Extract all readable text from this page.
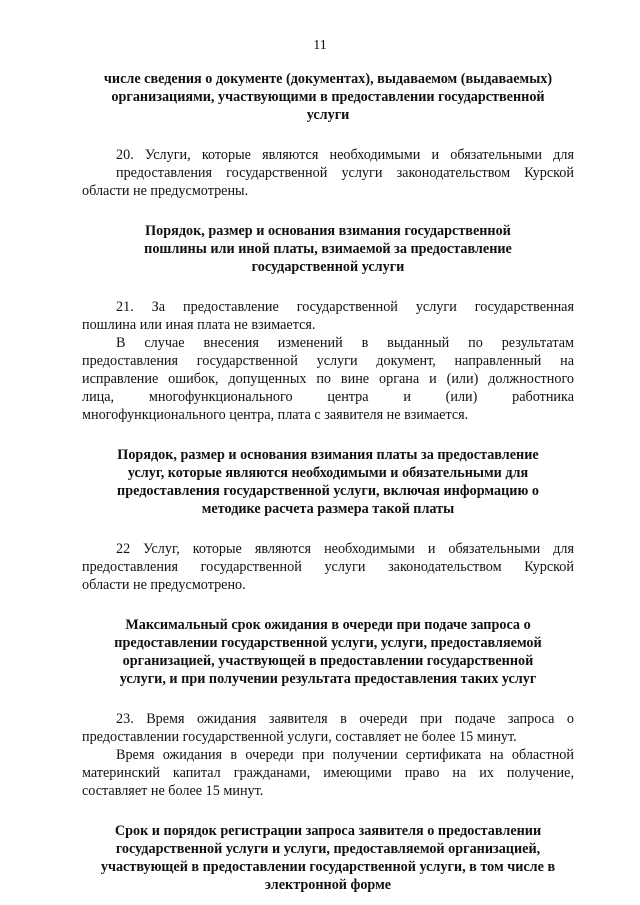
11
числе сведения о документе (документах), выдаваемом (выдаваемых)
организациями, участвующими в предоставлении государственной
услуги
20. Услуги, которые являются необходимыми и обязательными для
предоставления государственной услуги законодательством Курской
области не предусмотрены.
Порядок, размер и основания взимания государственной
пошлины или иной платы, взимаемой за предоставление
государственной услуги
21. За предоставление государственной услуги государственная
пошлина или иная плата не взимается.
В случае внесения изменений в выданный по результатам
предоставления государственной услуги документ, направленный на
исправление ошибок, допущенных по вине органа и (или) должностного
лица, многофункционального центра и (или) работника
многофункционального центра, плата с заявителя не взимается.
Порядок, размер и основания взимания платы за предоставление
услуг, которые являются необходимыми и обязательными для
предоставления государственной услуги, включая информацию о
методике расчета размера такой платы
22 Услуг, которые являются необходимыми и обязательными для
предоставления государственной услуги законодательством Курской
области не предусмотрено.
Максимальный срок ожидания в очереди при подаче запроса о
предоставлении государственной услуги, услуги, предоставляемой
организацией, участвующей в предоставлении государственной
услуги, и при получении результата предоставления таких услуг
23. Время ожидания заявителя в очереди при подаче запроса о
предоставлении государственной услуги, составляет не более 15 минут.
Время ожидания в очереди при получении сертификата на областной
материнский капитал гражданами, имеющими право на их получение,
составляет не более 15 минут.
Срок и порядок регистрации запроса заявителя о предоставлении
государственной услуги и услуги, предоставляемой организацией,
участвующей в предоставлении государственной услуги, в том числе в
электронной форме
